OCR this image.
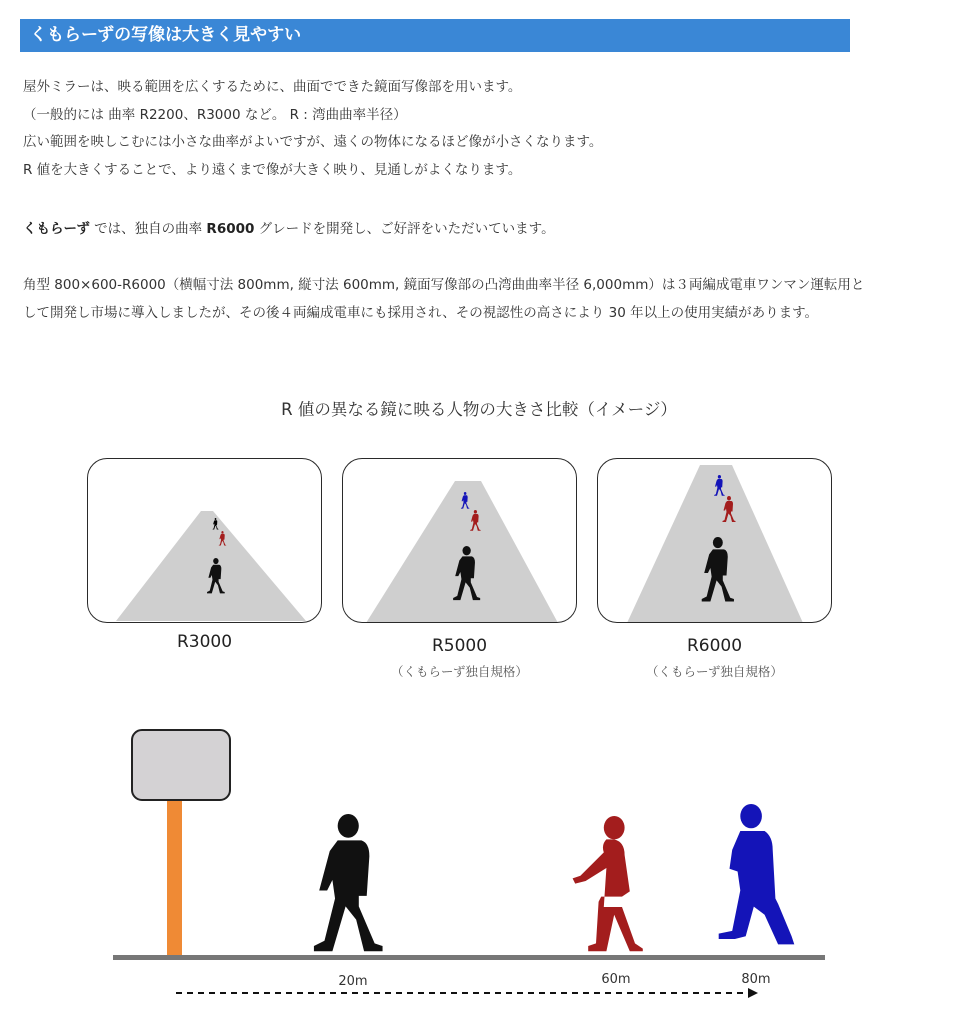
くもらーずの写像は大きく見やすい

屋外ミラーは、映る範囲を広くするために、曲面でできた鏡面写像部を用います。

（一般的には 曲率 R2200、R3000 など。 R : 湾曲曲率半径）

広い範囲を映しこむには小さな曲率がよいですが、遠くの物体になるほど像が小さくなります。

R 値を大きくすることで、より遠くまで像が大きく映り、見通しがよくなります。

くもらーず では、独自の曲率 R6000 グレードを開発し、ご好評をいただいています。

角型 800×600-R6000（横幅寸法 800mm, 縦寸法 600mm, 鏡面写像部の凸湾曲曲率半径 6,000mm）は３両編成電車ワンマン運転用と

して開発し市場に導入しましたが、その後４両編成電車にも採用され、その視認性の高さにより 30 年以上の使用実績があります。

R 値の異なる鏡に映る人物の大きさ比較（イメージ）
R3000	R5000
（くもらーず独自規格）
R6000
（くもらーず独自規格）
20m	60m	80m
